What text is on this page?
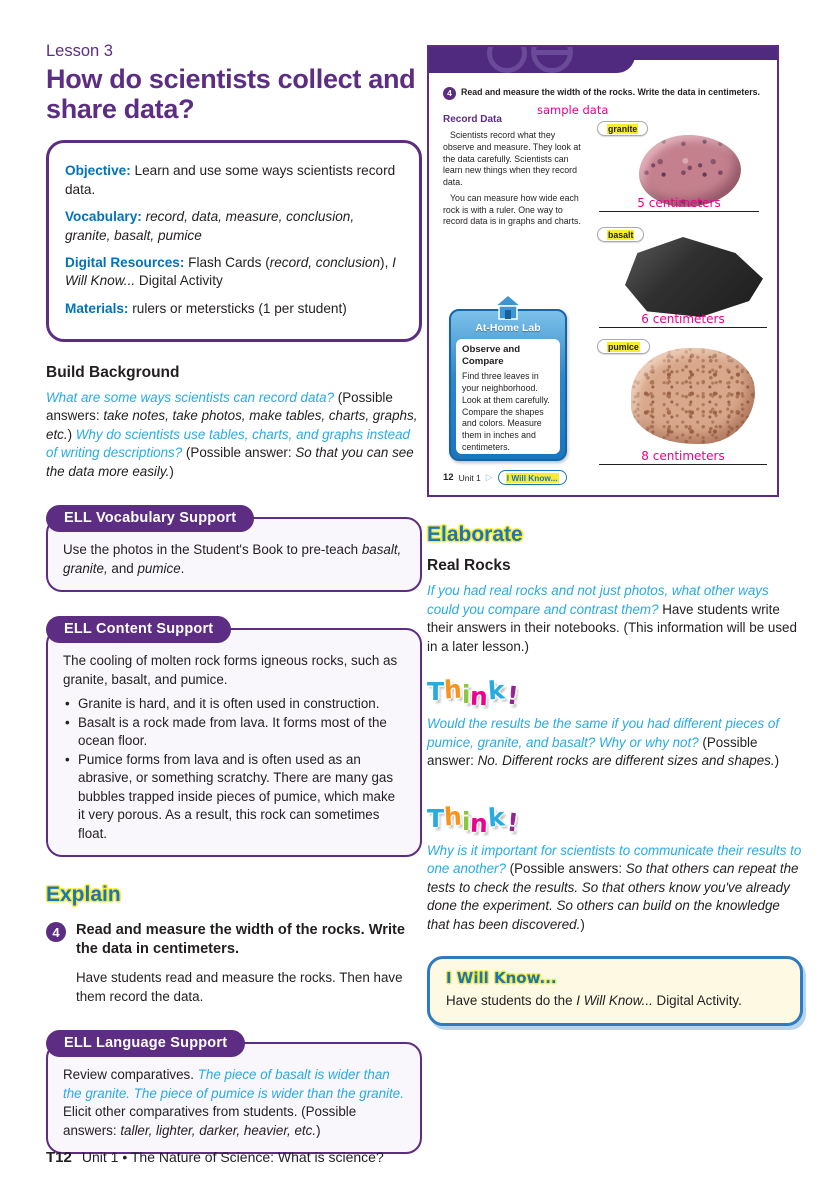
Lesson 3
How do scientists collect and share data?

Objective: Learn and use some ways scientists record data.

Vocabulary: record, data, measure, conclusion, granite, basalt, pumice

Digital Resources: Flash Cards (record, conclusion), I Will Know... Digital Activity

Materials: rulers or metersticks (1 per student)

Build Background

What are some ways scientists can record data? (Possible answers: take notes, take photos, make tables, charts, graphs, etc.) Why do scientists use tables, charts, and graphs instead of writing descriptions? (Possible answer: So that you can see the data more easily.)

ELL Vocabulary Support

Use the photos in the Student's Book to pre-teach basalt, granite, and pumice.

ELL Content Support

The cooling of molten rock forms igneous rocks, such as granite, basalt, and pumice.

• Granite is hard, and it is often used in construction.
• Basalt is a rock made from lava. It forms most of the ocean floor.
• Pumice forms from lava and is often used as an abrasive, or something scratchy. There are many gas bubbles trapped inside pieces of pumice, which make it very porous. As a result, this rock can sometimes float.
Explain
4	Read and measure the width of the rocks. Write the data in centimeters.

Have students read and measure the rocks. Then have them record the data.

ELL Language Support

Review comparatives. The piece of basalt is wider than the granite. The piece of pumice is wider than the granite. Elicit other comparatives from students. (Possible answers: taller, lighter, darker, heavier, etc.)

4	Read and measure the width of the rocks. Write the data in centimeters.
sample data
Record Data

Scientists record what they observe and measure. They look at the data carefully. Scientists can learn new things when they record data.

You can measure how wide each rock is with a ruler. One way to record data is in graphs and charts.

granite
5 centimeters
basalt
6 centimeters
pumice
8 centimeters
At-Home Lab
Observe and Compare
Find three leaves in your neighborhood. Look at them carefully. Compare the shapes and colors. Measure them in inches and centimeters.
12 Unit 1 ▷	I Will Know...
Elaborate
Real Rocks

If you had real rocks and not just photos, what other ways could you compare and contrast them? Have students write their answers in their notebooks. (This information will be used in a later lesson.)

Think!

Would the results be the same if you had different pieces of pumice, granite, and basalt? Why or why not? (Possible answer: No. Different rocks are different sizes and shapes.)

Think!

Why is it important for scientists to communicate their results to one another? (Possible answers: So that others can repeat the tests to check the results. So that others know you've already done the experiment. So others can build on the knowledge that has been discovered.)

I Will Know...

Have students do the I Will Know... Digital Activity.

T12 Unit 1 • The Nature of Science: What is science?
